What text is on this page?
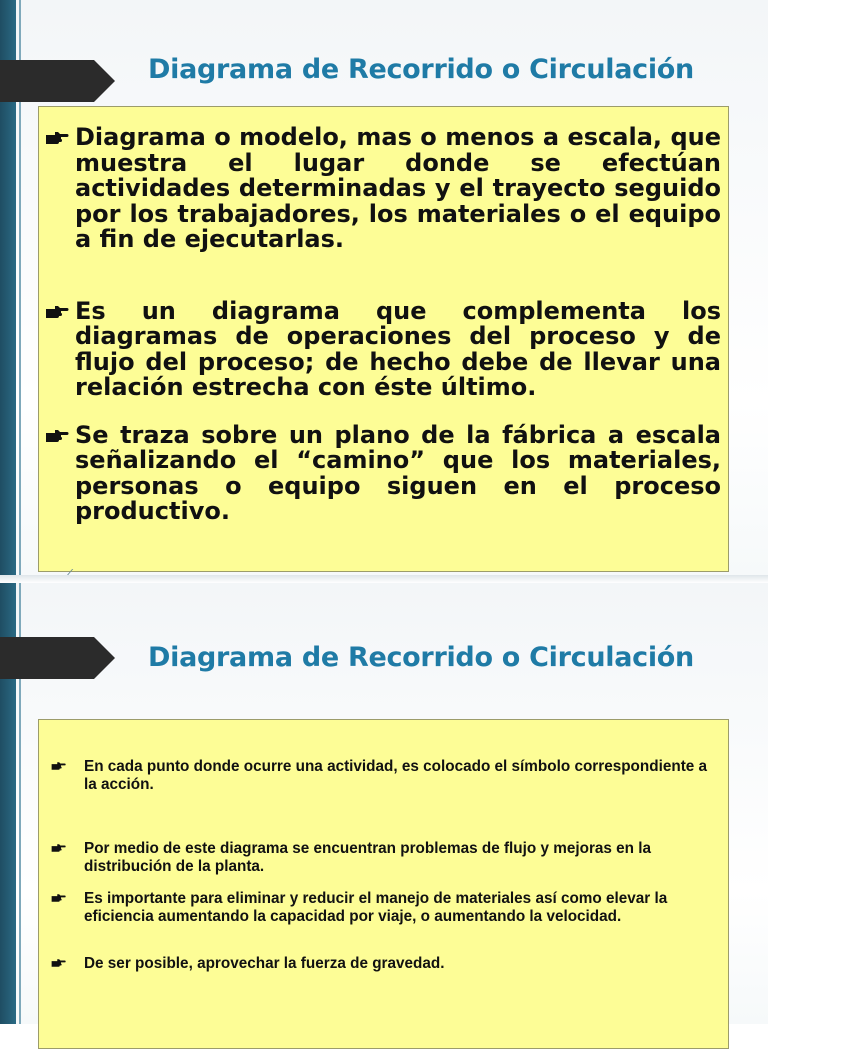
Diagrama de Recorrido o Circulación
Diagrama o modelo, mas o menos a escala, que muestra el lugar donde se efectúan actividades determinadas y el trayecto seguido por los trabajadores, los materiales o el equipo a fin de ejecutarlas.
Es un diagrama que complementa los diagramas de operaciones del proceso y de flujo del proceso; de hecho debe de llevar una relación estrecha con éste último.
Se traza sobre un plano de la fábrica a escala señalizando el “camino” que los materiales, personas o equipo siguen en el proceso productivo.
Diagrama de Recorrido o Circulación
En cada punto donde ocurre una actividad, es colocado el símbolo correspondiente a la acción.
Por medio de este diagrama se encuentran problemas de flujo y mejoras en la distribución de la planta.
Es importante para eliminar y reducir el manejo de materiales así como elevar la eficiencia aumentando la capacidad por viaje, o aumentando la velocidad.
De ser posible, aprovechar la fuerza de gravedad.
